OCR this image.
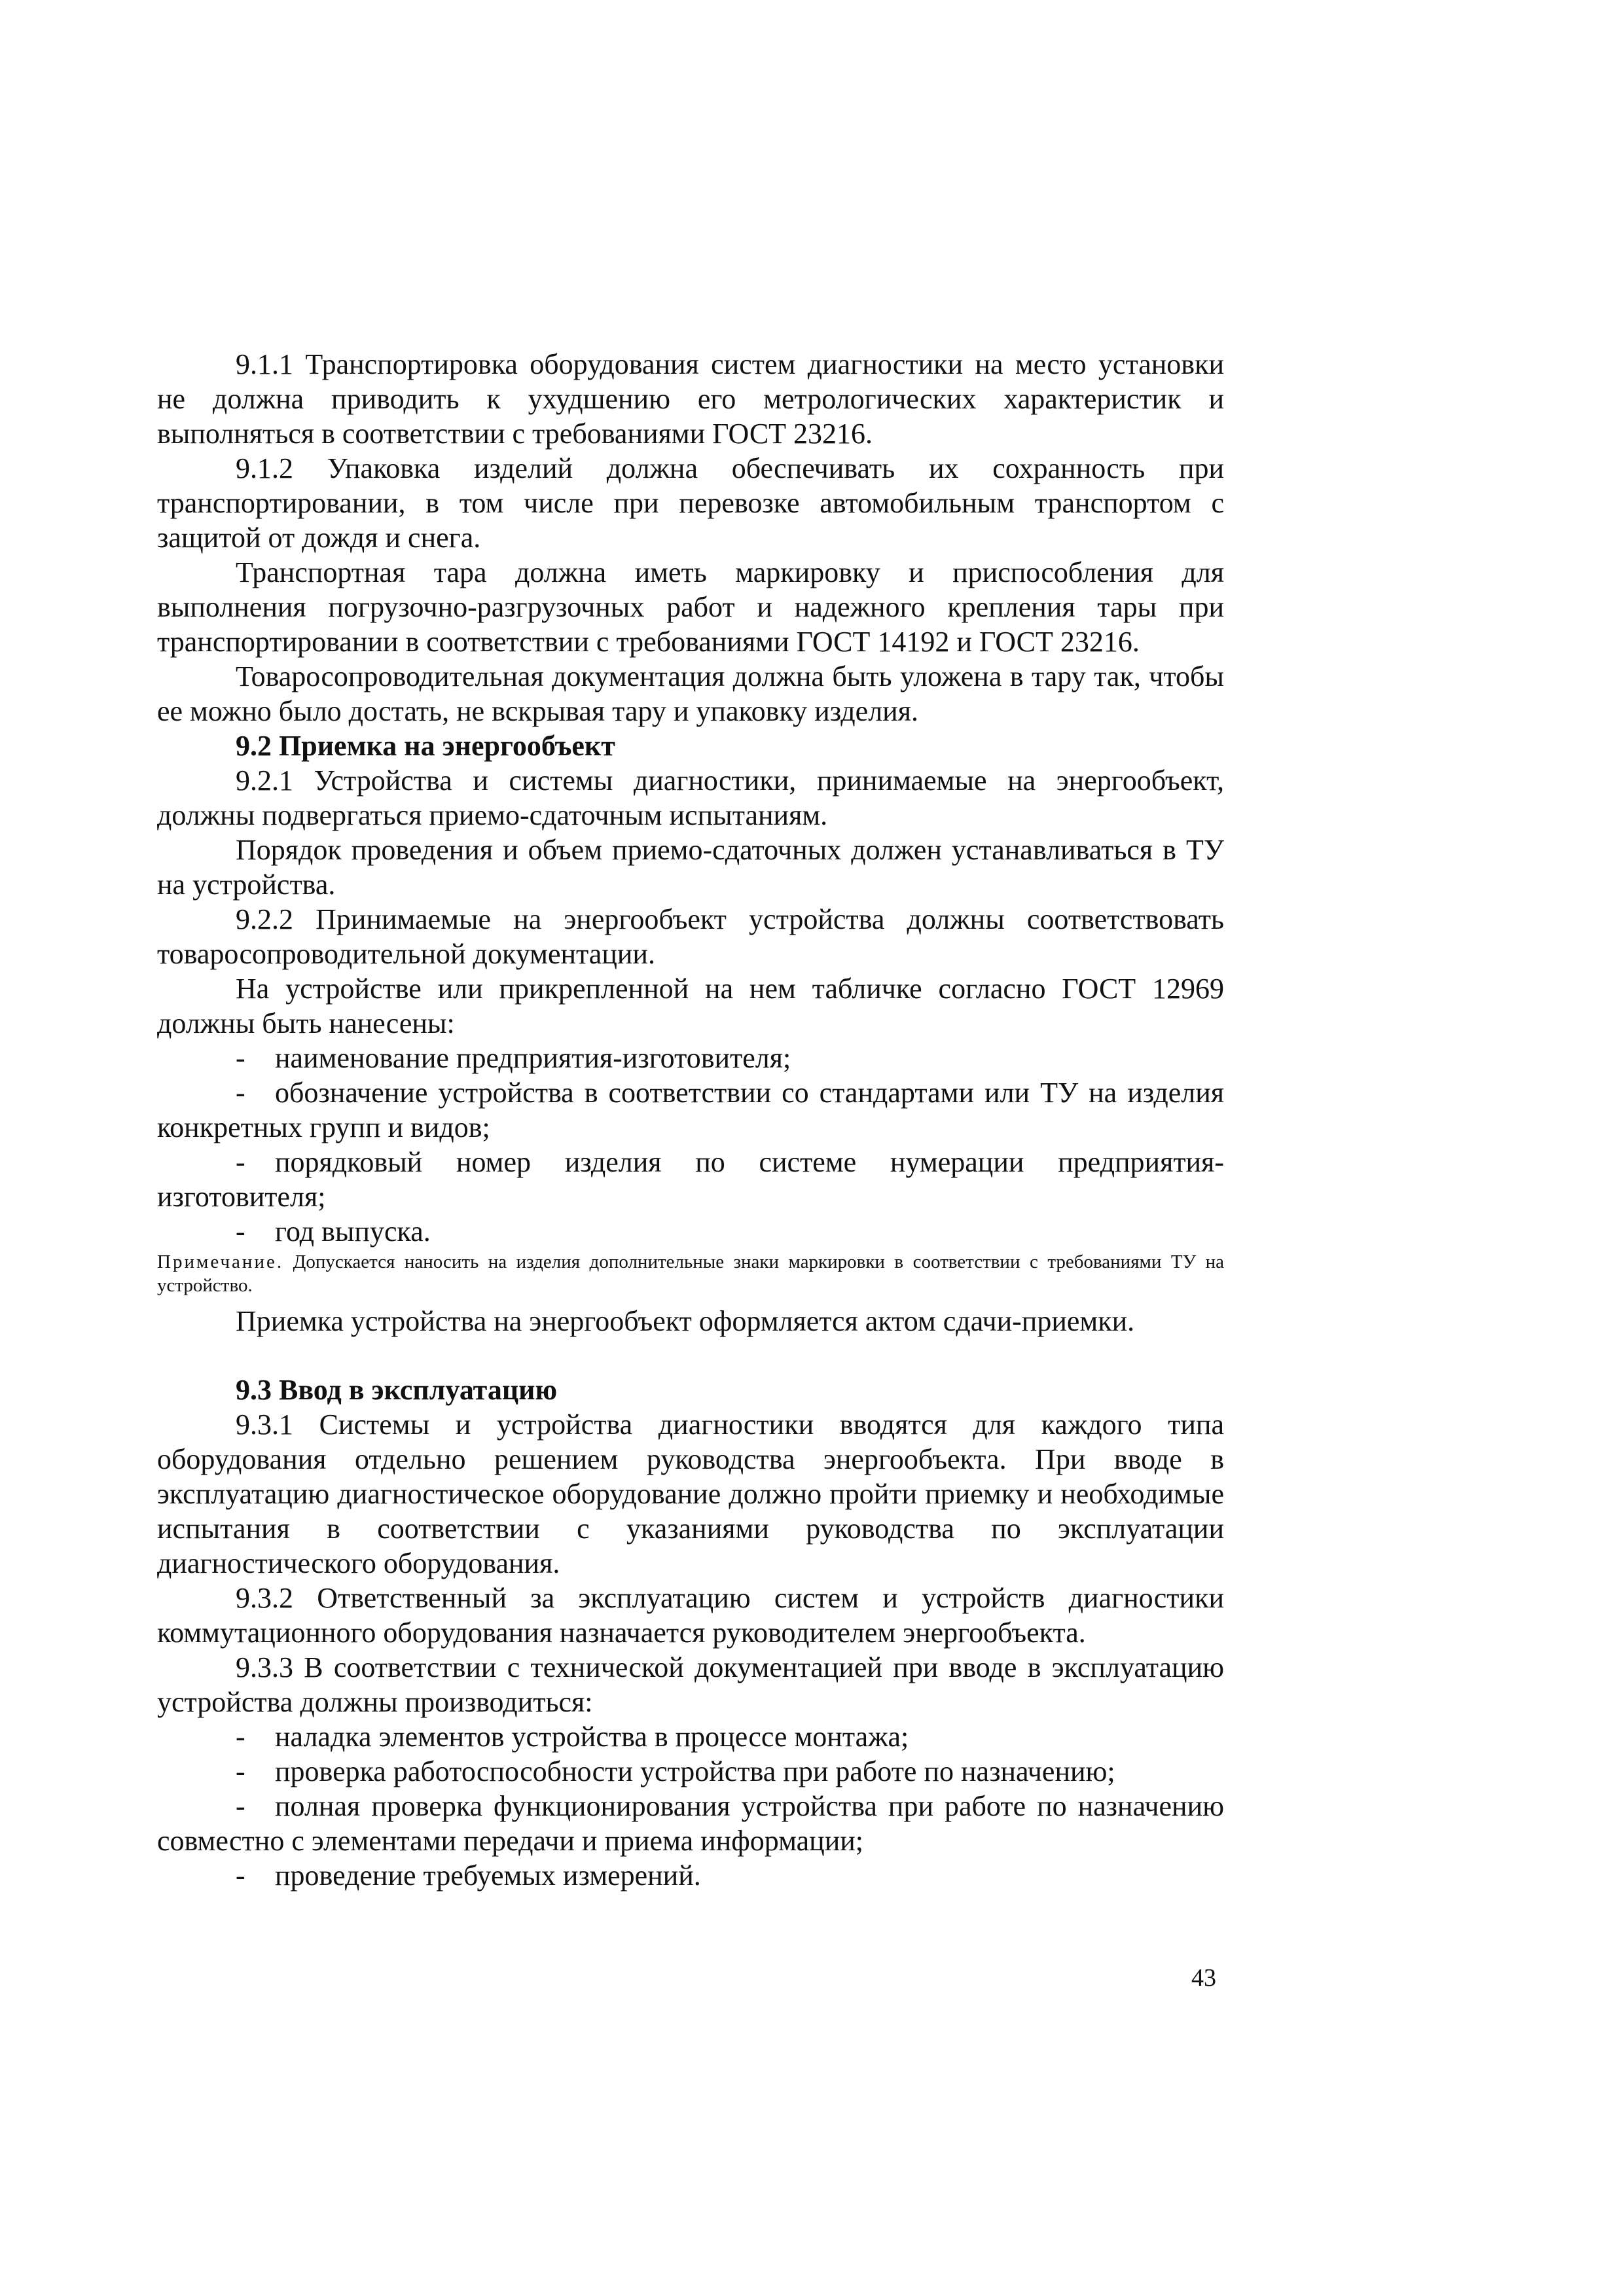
9.1.1 Транспортировка оборудования систем диагностики на место установки не должна приводить к ухудшению его метрологических характеристик и выполняться в соответствии с требованиями ГОСТ 23216.

9.1.2 Упаковка изделий должна обеспечивать их сохранность при транспортировании, в том числе при перевозке автомобильным транспортом с защитой от дождя и снега.

Транспортная тара должна иметь маркировку и приспособления для выполнения погрузочно-разгрузочных работ и надежного крепления тары при транспортировании в соответствии с требованиями ГОСТ 14192 и ГОСТ 23216.

Товаросопроводительная документация должна быть уложена в тару так, чтобы ее можно было достать, не вскрывая тару и упаковку изделия.

9.2 Приемка на энергообъект

9.2.1 Устройства и системы диагностики, принимаемые на энергообъект, должны подвергаться приемо-сдаточным испытаниям.

Порядок проведения и объем приемо-сдаточных должен устанавливаться в ТУ на устройства.

9.2.2 Принимаемые на энергообъект устройства должны соответствовать товаросопроводительной документации.

На устройстве или прикрепленной на нем табличке согласно ГОСТ 12969 должны быть нанесены:

- наименование предприятия-изготовителя;

- обозначение устройства в соответствии со стандартами или ТУ на изделия конкретных групп и видов;

- порядковый номер изделия по системе нумерации предприятия-изготовителя;

- год выпуска.

Примечание. Допускается наносить на изделия дополнительные знаки маркировки в соответствии с требованиями ТУ на устройство.

Приемка устройства на энергообъект оформляется актом сдачи-приемки.

9.3 Ввод в эксплуатацию

9.3.1 Системы и устройства диагностики вводятся для каждого типа оборудования отдельно решением руководства энергообъекта. При вводе в эксплуатацию диагностическое оборудование должно пройти приемку и необходимые испытания в соответствии с указаниями руководства по эксплуатации диагностического оборудования.

9.3.2 Ответственный за эксплуатацию систем и устройств диагностики коммутационного оборудования назначается руководителем энергообъекта.

9.3.3 В соответствии с технической документацией при вводе в эксплуатацию устройства должны производиться:

- наладка элементов устройства в процессе монтажа;

- проверка работоспособности устройства при работе по назначению;

- полная проверка функционирования устройства при работе по назначению совместно с элементами передачи и приема информации;

- проведение требуемых измерений.

43
